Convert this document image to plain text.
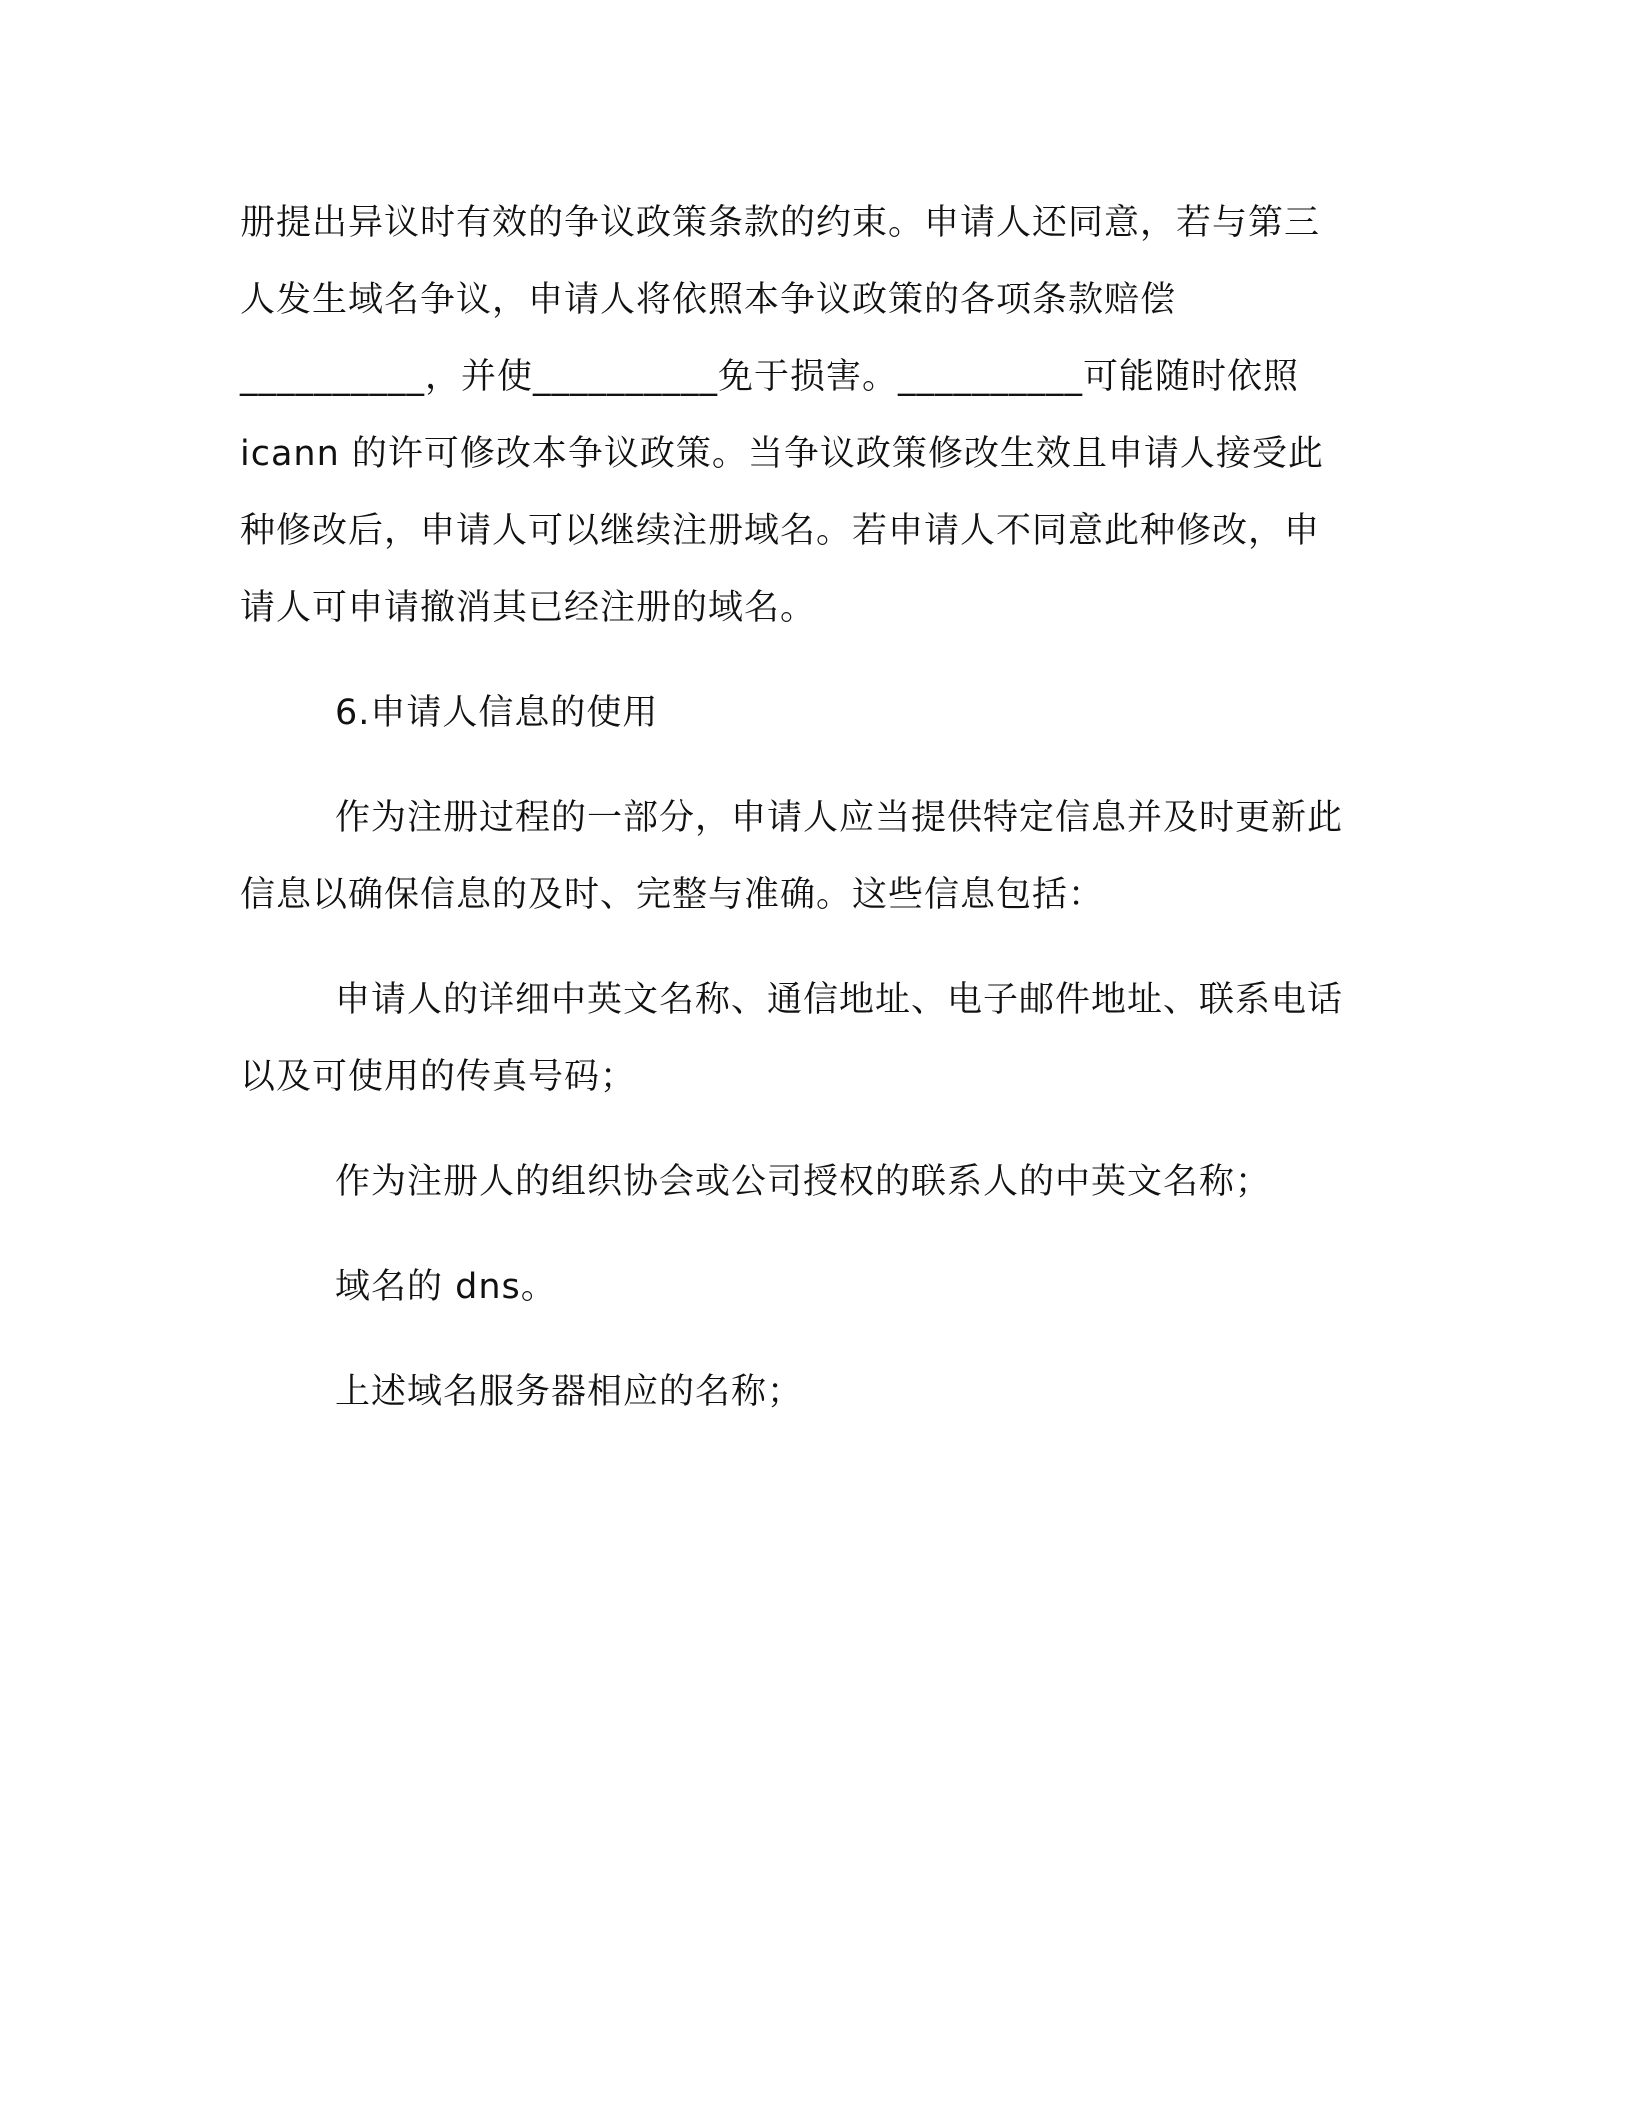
册提出异议时有效的争议政策条款的约束。申请人还同意，若与第三
人发生域名争议，申请人将依照本争议政策的各项条款赔偿
__________，并使__________免于损害。__________可能随时依照
icann 的许可修改本争议政策。当争议政策修改生效且申请人接受此
种修改后，申请人可以继续注册域名。若申请人不同意此种修改，申
请人可申请撤消其已经注册的域名。

6.申请人信息的使用

作为注册过程的一部分，申请人应当提供特定信息并及时更新此
信息以确保信息的及时、完整与准确。这些信息包括：

申请人的详细中英文名称、通信地址、电子邮件地址、联系电话
以及可使用的传真号码；

作为注册人的组织协会或公司授权的联系人的中英文名称；

域名的 dns。

上述域名服务器相应的名称；
